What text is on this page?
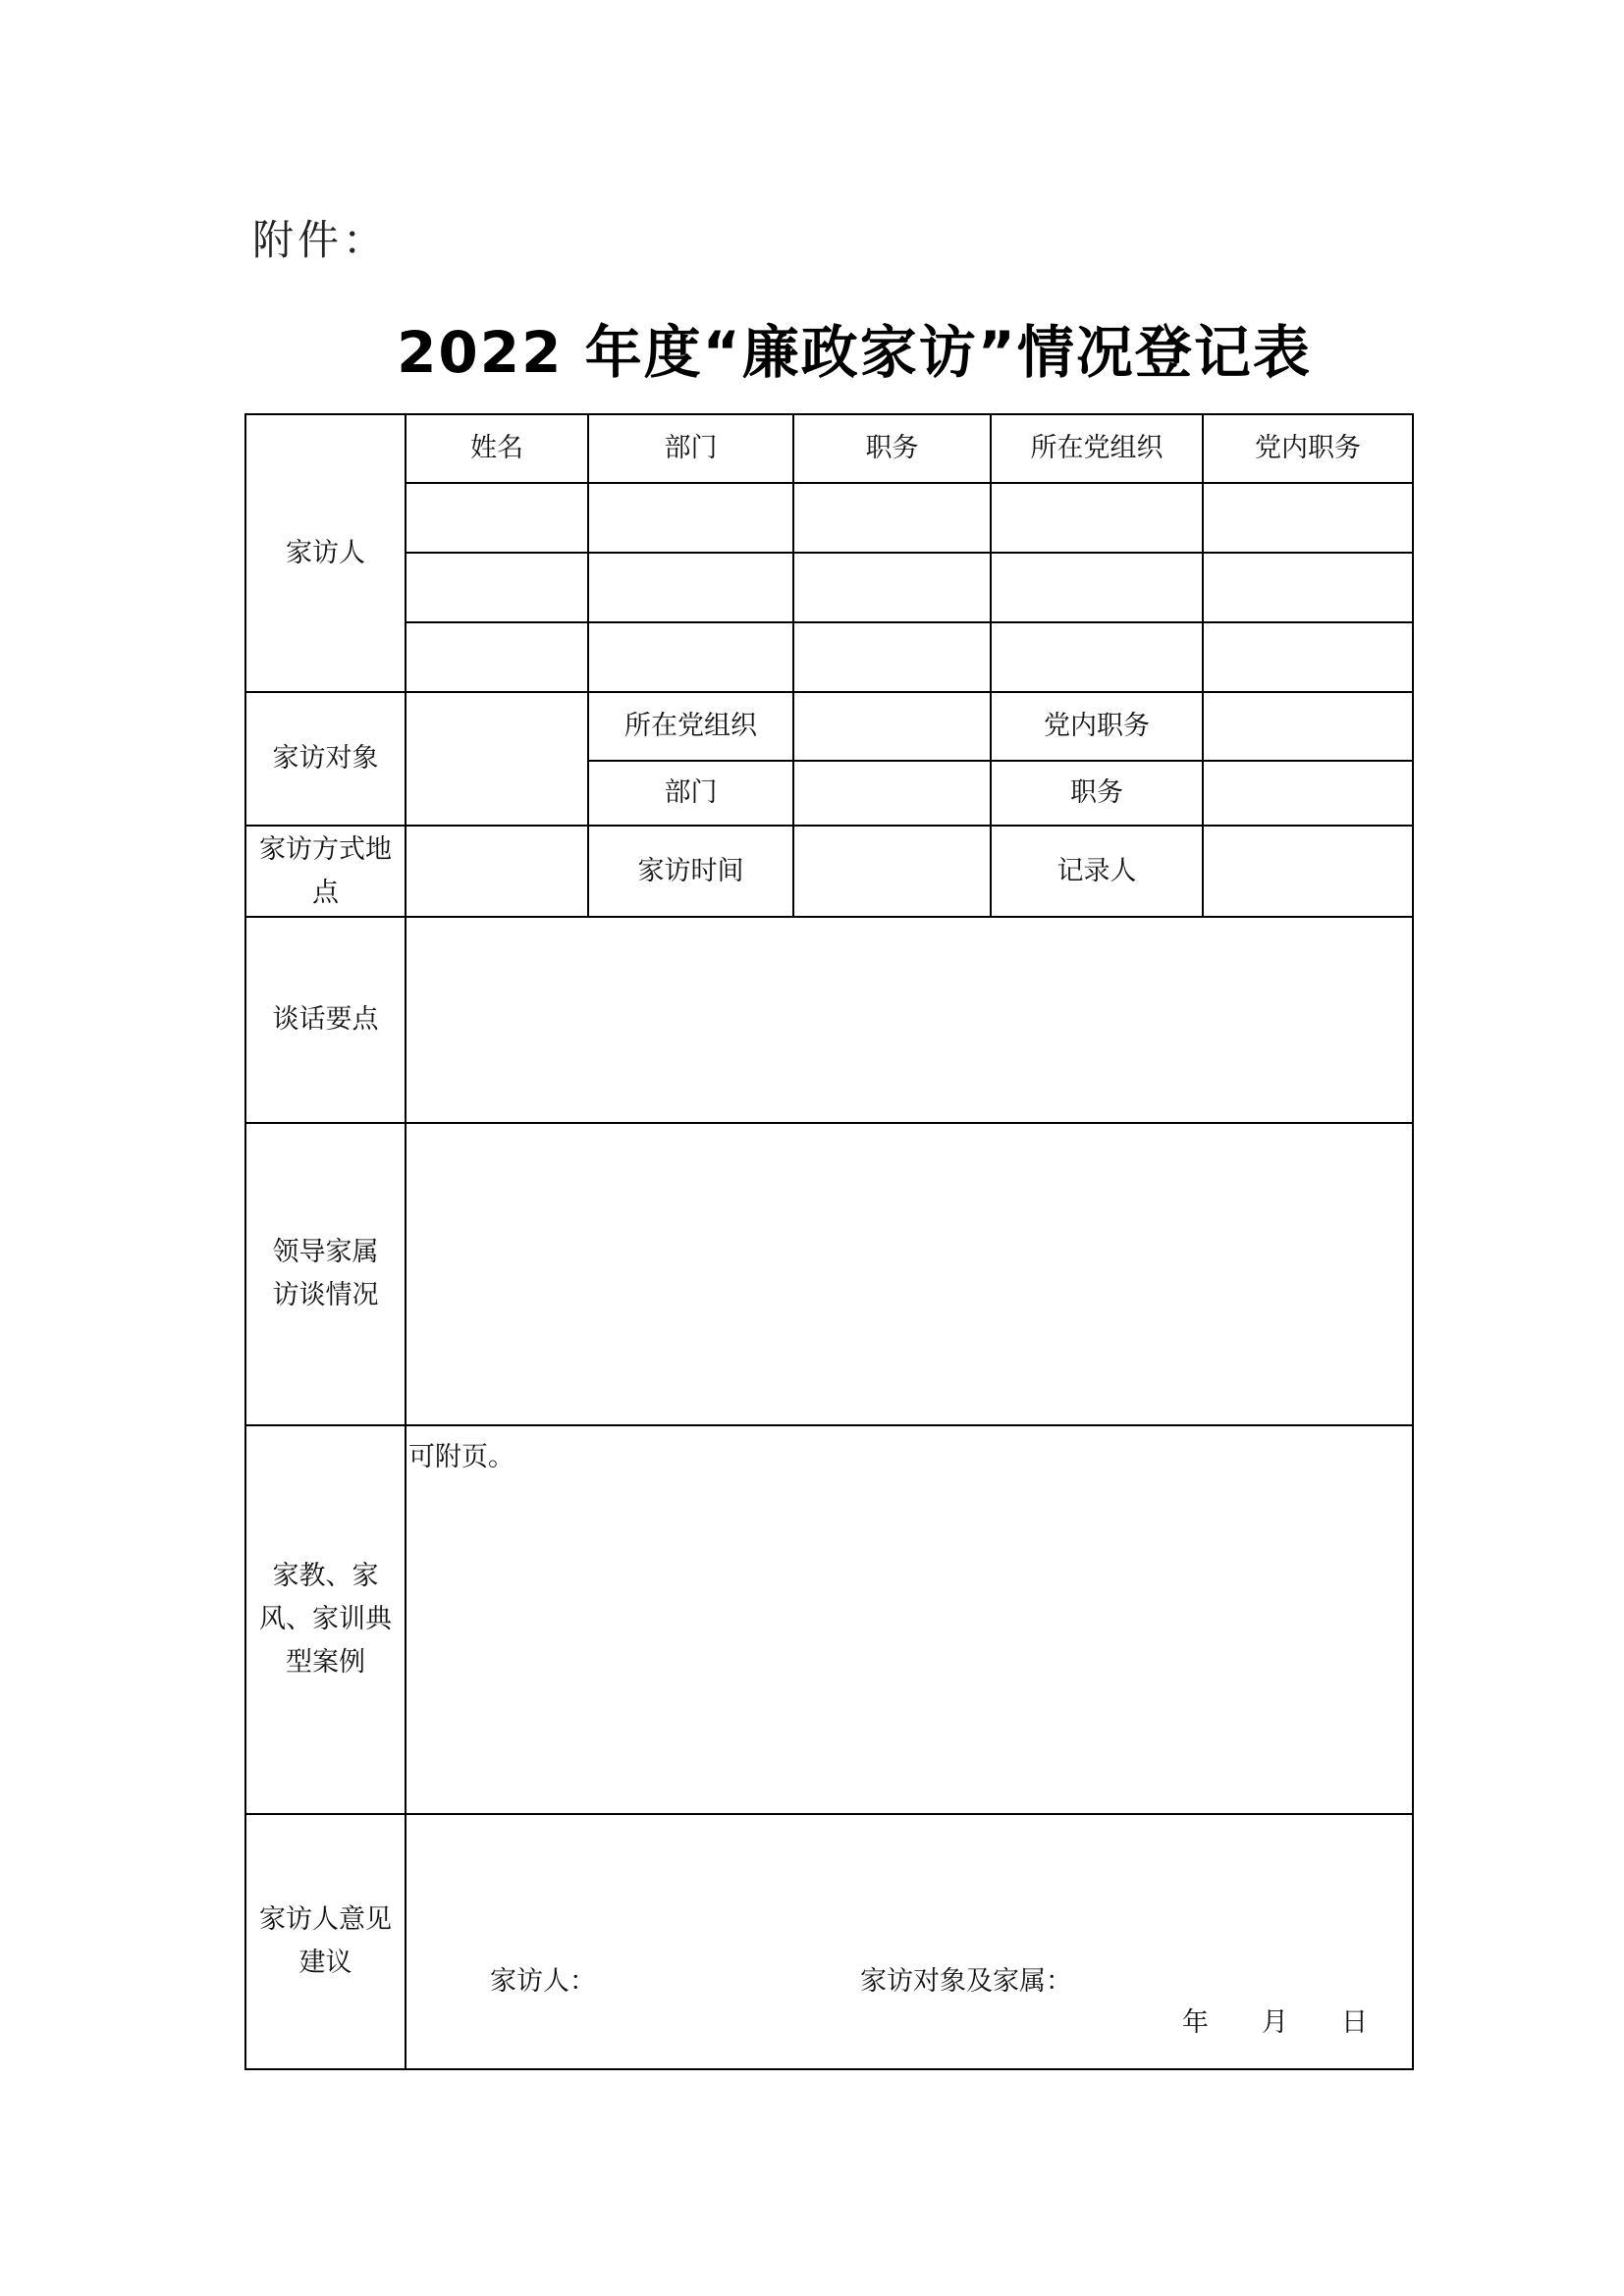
附件：
2022 年度“廉政家访”情况登记表
家访人	姓名	部门	职务	所在党组织	党内职务

家访对象		所在党组织		党内职务	
		部门		职务	
家访方式地点		家访时间		记录人	
谈话要点					
领导家属访谈情况					
家教、家风、家训典型案例	可附页。				
家访人意见建议	家访人： 家访对象及家属：
年　　月　　日				
